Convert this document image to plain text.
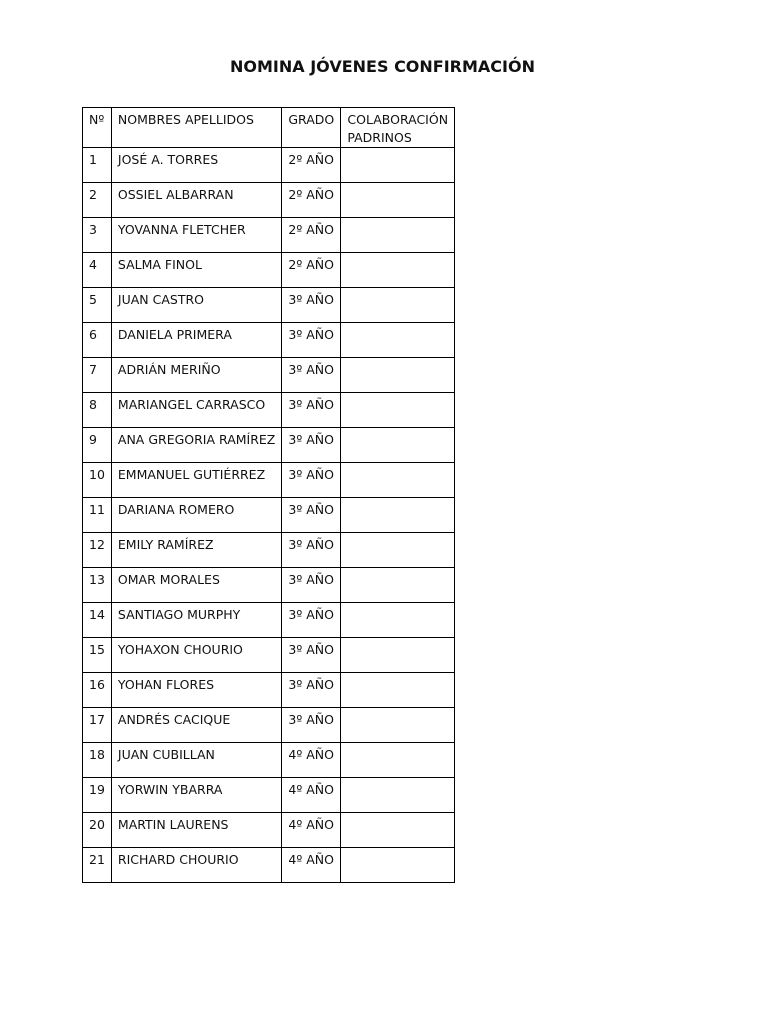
NOMINA JÓVENES CONFIRMACIÓN
Nº	NOMBRES APELLIDOS	GRADO	COLABORACIÓN PADRINOS
1	JOSÉ A. TORRES	2º AÑO	
2	OSSIEL ALBARRAN	2º AÑO	
3	YOVANNA FLETCHER	2º AÑO	
4	SALMA FINOL	2º AÑO	
5	JUAN CASTRO	3º AÑO	
6	DANIELA PRIMERA	3º AÑO	
7	ADRIÁN MERIÑO	3º AÑO	
8	MARIANGEL CARRASCO	3º AÑO	
9	ANA GREGORIA RAMÍREZ	3º AÑO	
10	EMMANUEL GUTIÉRREZ	3º AÑO	
11	DARIANA ROMERO	3º AÑO	
12	EMILY RAMÍREZ	3º AÑO	
13	OMAR MORALES	3º AÑO	
14	SANTIAGO MURPHY	3º AÑO	
15	YOHAXON CHOURIO	3º AÑO	
16	YOHAN FLORES	3º AÑO	
17	ANDRÉS CACIQUE	3º AÑO	
18	JUAN CUBILLAN	4º AÑO	
19	YORWIN YBARRA	4º AÑO	
20	MARTIN LAURENS	4º AÑO	
21	RICHARD CHOURIO	4º AÑO	
